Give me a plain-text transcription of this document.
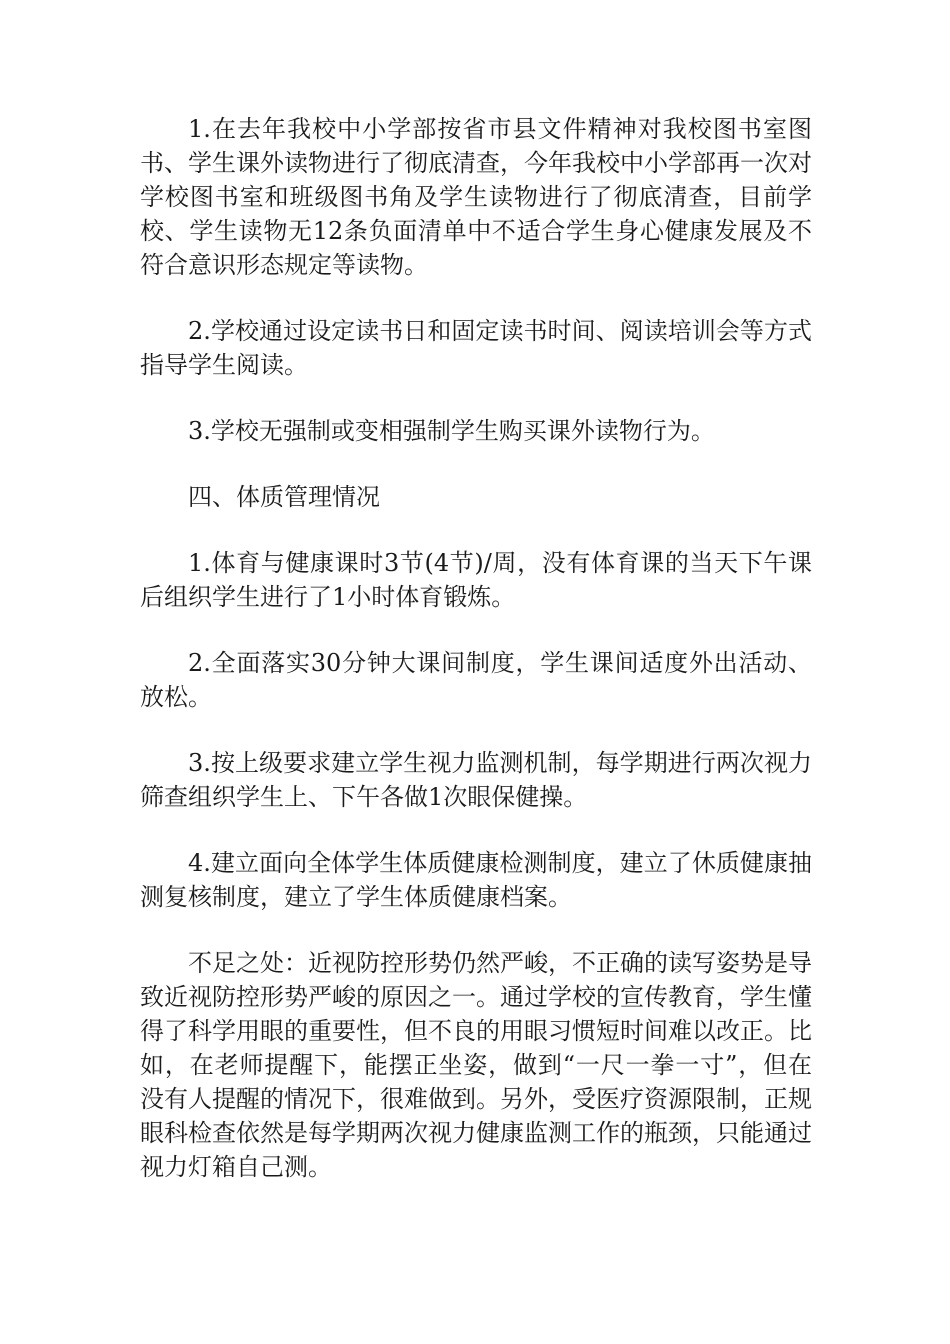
1.在去年我校中小学部按省市县文件精神对我校图书室图书、学生课外读物进行了彻底清查，今年我校中小学部再一次对学校图书室和班级图书角及学生读物进行了彻底清查，目前学校、学生读物无12条负面清单中不适合学生身心健康发展及不符合意识形态规定等读物。

2.学校通过设定读书日和固定读书时间、阅读培训会等方式指导学生阅读。

3.学校无强制或变相强制学生购买课外读物行为。

四、体质管理情况

1.体育与健康课时3节(4节)/周，没有体育课的当天下午课后组织学生进行了1小时体育锻炼。

2.全面落实30分钟大课间制度，学生课间适度外出活动、放松。

3.按上级要求建立学生视力监测机制，每学期进行两次视力筛查组织学生上、下午各做1次眼保健操。

4.建立面向全体学生体质健康检测制度，建立了休质健康抽测复核制度，建立了学生体质健康档案。

不足之处：近视防控形势仍然严峻，不正确的读写姿势是导致近视防控形势严峻的原因之一。通过学校的宣传教育，学生懂得了科学用眼的重要性，但不良的用眼习惯短时间难以改正。比如，在老师提醒下，能摆正坐姿，做到“一尺一拳一寸”，但在没有人提醒的情况下，很难做到。另外，受医疗资源限制，正规眼科检查依然是每学期两次视力健康监测工作的瓶颈，只能通过视力灯箱自己测。
